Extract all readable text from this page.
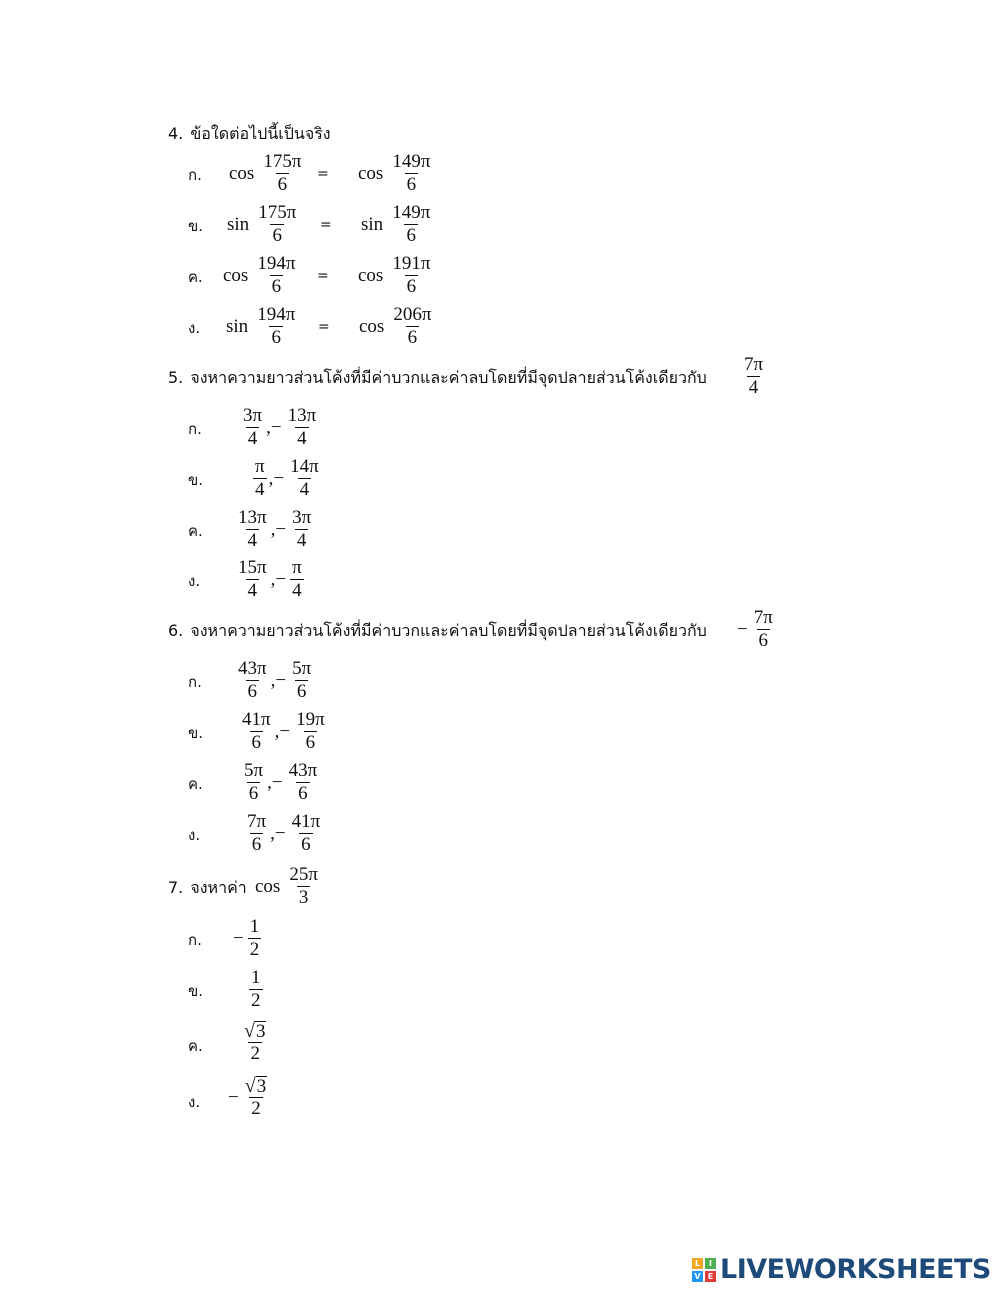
4. ข้อใดต่อไปนี้เป็นจริง
ก. $\cos \frac{175\pi}{6} = \cos \frac{149\pi}{6}$
ข. $\sin \frac{175\pi}{6} = \sin \frac{149\pi}{6}$
ค. $\cos \frac{194\pi}{6} = \cos \frac{191\pi}{6}$
ง. $\sin \frac{194\pi}{6} = \cos \frac{206\pi}{6}$
5. จงหาความยาวส่วนโค้งที่มีค่าบวกและค่าลบโดยที่มีจุดปลายส่วนโค้งเดียวกับ $\frac{7\pi}{4}$
ก. $\frac{3\pi}{4}$ , − $\frac{13\pi}{4}$
ข.	$\frac{\pi}{4}$ , − $\frac{14\pi}{4}$
ค. $\frac{13\pi}{4}$ , − $\frac{3\pi}{4}$
ง. $\frac{15\pi}{4}$ , − $\frac{\pi}{4}$
6. จงหาความยาวส่วนโค้งที่มีค่าบวกและค่าลบโดยที่มีจุดปลายส่วนโค้งเดียวกับ − $\frac{7\pi}{6}$
ก. $\frac{43\pi}{6}$ , − $\frac{5\pi}{6}$
ข. $\frac{41\pi}{6}$ , − $\frac{19\pi}{6}$
ค. $\frac{5\pi}{6}$ , − $\frac{43\pi}{6}$
ง. $\frac{7\pi}{6}$ , − $\frac{41\pi}{6}$
7. จงหาค่า $\cos \frac{25\pi}{3}$
ก. − $\frac{1}{2}$
ข. $\frac{1}{2}$
ค. $\frac{√ 3}{2}$
ง. − $\frac{√ 3}{2}$
L	I
V E LIVEWORKSHEETS
